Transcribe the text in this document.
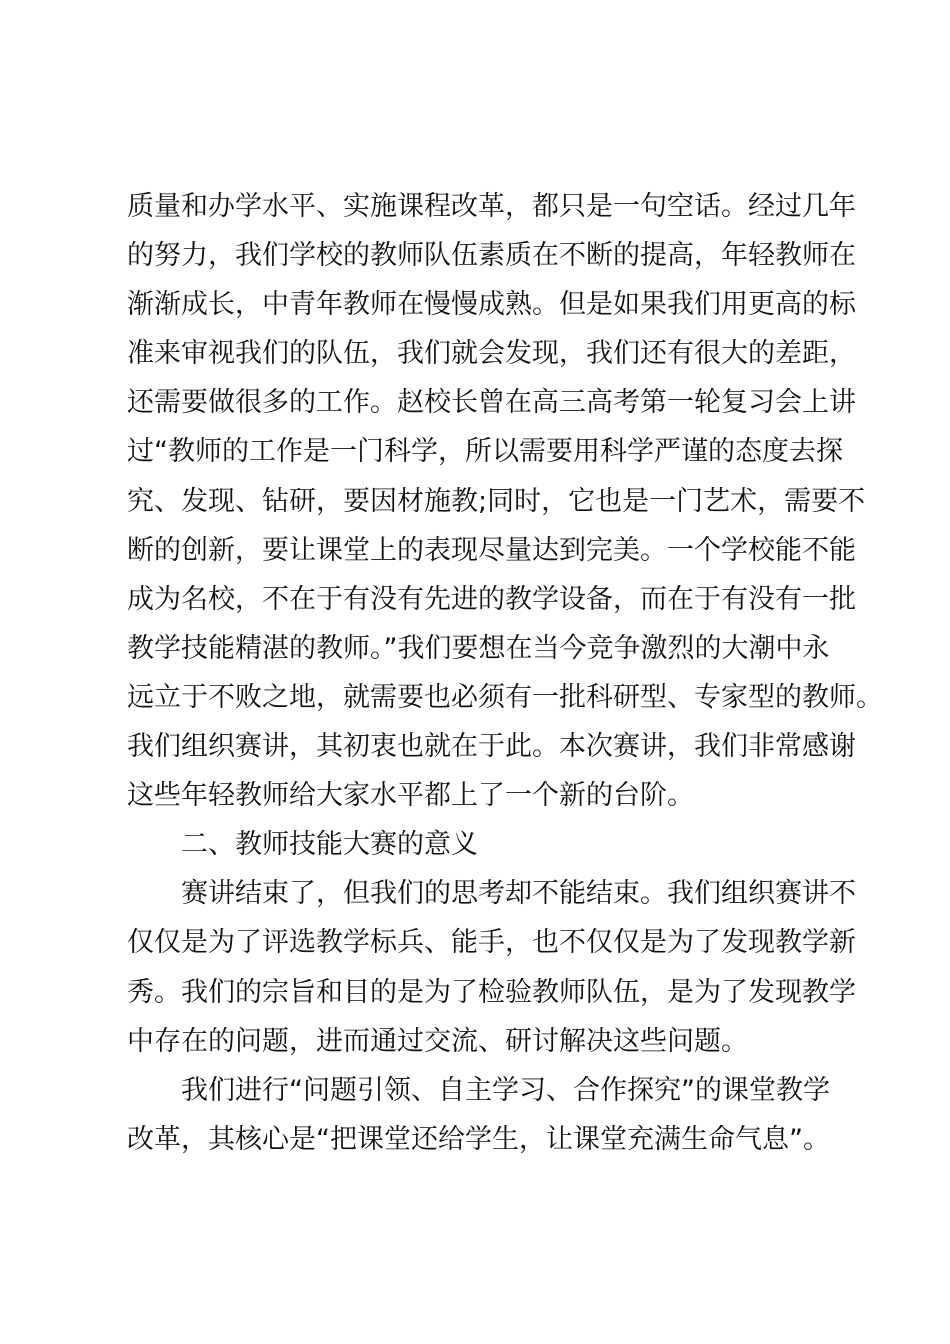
质量和办学水平、实施课程改革，都只是一句空话。经过几年
的努力，我们学校的教师队伍素质在不断的提高，年轻教师在
渐渐成长，中青年教师在慢慢成熟。但是如果我们用更高的标
准来审视我们的队伍，我们就会发现，我们还有很大的差距，
还需要做很多的工作。赵校长曾在高三高考第一轮复习会上讲
过“教师的工作是一门科学，所以需要用科学严谨的态度去探
究、发现、钻研，要因材施教;同时，它也是一门艺术，需要不
断的创新，要让课堂上的表现尽量达到完美。一个学校能不能
成为名校，不在于有没有先进的教学设备，而在于有没有一批
教学技能精湛的教师。”我们要想在当今竞争激烈的大潮中永
远立于不败之地，就需要也必须有一批科研型、专家型的教师。
我们组织赛讲，其初衷也就在于此。本次赛讲，我们非常感谢
这些年轻教师给大家水平都上了一个新的台阶。
二、教师技能大赛的意义
赛讲结束了，但我们的思考却不能结束。我们组织赛讲不
仅仅是为了评选教学标兵、能手，也不仅仅是为了发现教学新
秀。我们的宗旨和目的是为了检验教师队伍，是为了发现教学
中存在的问题，进而通过交流、研讨解决这些问题。
我们进行“问题引领、自主学习、合作探究”的课堂教学
改革，其核心是“把课堂还给学生，让课堂充满生命气息”。
